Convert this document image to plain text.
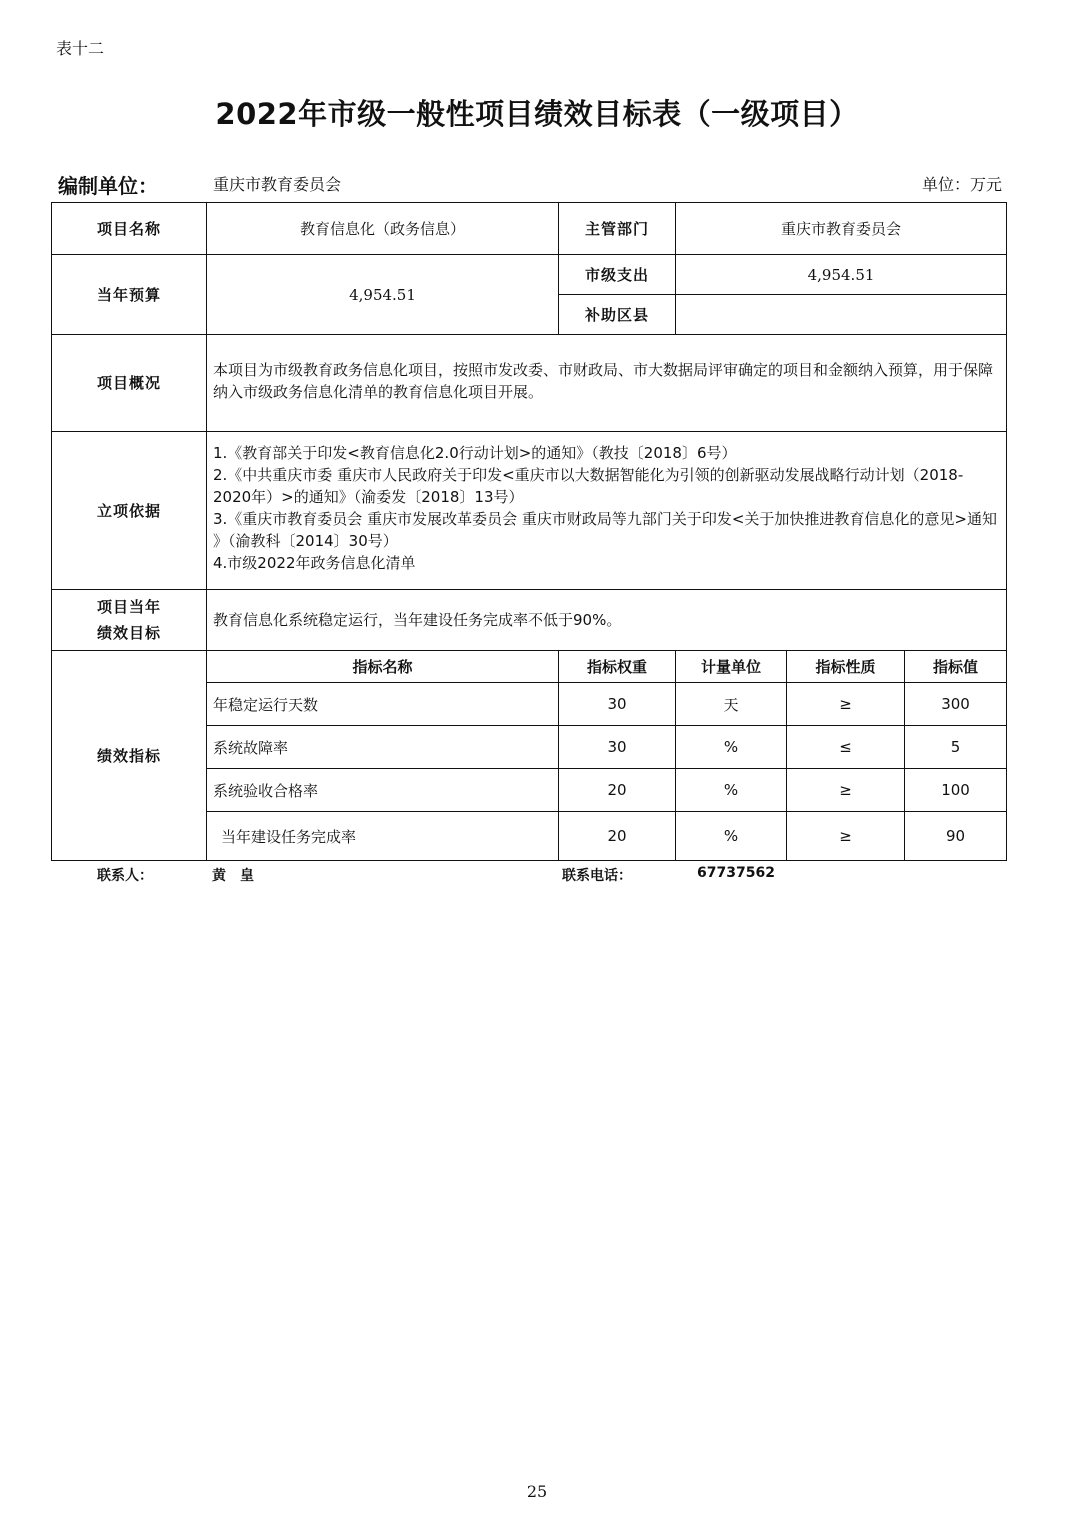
表十二
2022年市级一般性项目绩效目标表（一级项目）
编制单位：	重庆市教育委员会	单位：万元
项目名称	教育信息化（政务信息）	主管部门	重庆市教育委员会		
当年预算	4,954.51	市级支出	4,954.51		
		补助区县			
项目概况	本项目为市级教育政务信息化项目，按照市发改委、市财政局、市大数据局评审确定的项目和金额纳入预算，用于保障纳入市级政务信息化清单的教育信息化项目开展。				
立项依据	1.《教育部关于印发<教育信息化2.0行动计划>的通知》（教技〔2018〕6号）
2.《中共重庆市委 重庆市人民政府关于印发<重庆市以大数据智能化为引领的创新驱动发展战略行动计划（2018-2020年）>的通知》（渝委发〔2018〕13号）
3.《重庆市教育委员会 重庆市发展改革委员会 重庆市财政局等九部门关于印发<关于加快推进教育信息化的意见>通知 》（渝教科〔2014〕30号）
4.市级2022年政务信息化清单				

项目当年
绩效目标	教育信息化系统稳定运行，当年建设任务完成率不低于90%。				
绩效指标	指标名称	指标权重	计量单位	指标性质	指标值
	年稳定运行天数	30	天	≥	300
	系统故障率	30	%	≤	5
	系统验收合格率	20	%	≥	100
	当年建设任务完成率	20	%	≥	90
联系人：	黄　皇	联系电话：	67737562
25
